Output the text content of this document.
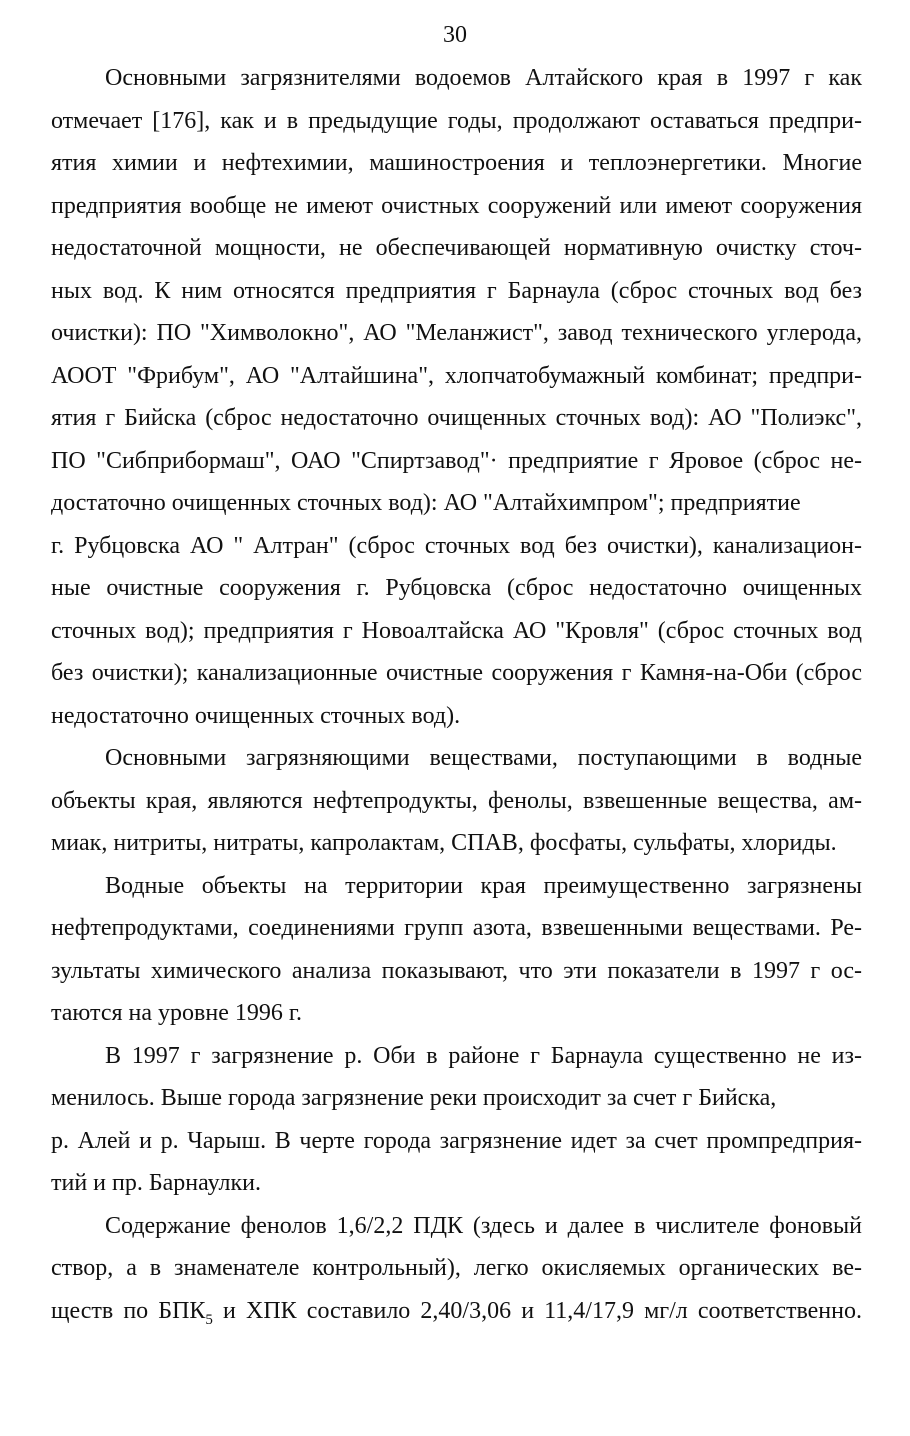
30
Основными загрязнителями водоемов Алтайского края в 1997 г как
отмечает [176], как и в предыдущие годы, продолжают оставаться предпри-
ятия химии и нефтехимии, машиностроения и теплоэнергетики. Многие
предприятия вообще не имеют очистных сооружений или имеют сооружения
недостаточной мощности, не обеспечивающей нормативную очистку сточ-
ных вод. К ним относятся предприятия г Барнаула (сброс сточных вод без
очистки): ПО "Химволокно", АО "Меланжист", завод технического углерода,
АООТ "Фрибум", АО "Алтайшина", хлопчатобумажный комбинат; предпри-
ятия г Бийска (сброс недостаточно очищенных сточных вод): АО "Полиэкс",
ПО "Сибприбормаш", ОАО "Спиртзавод"· предприятие г Яровое (сброс не-
достаточно очищенных сточных вод): АО "Алтайхимпром"; предприятие
г. Рубцовска АО " Алтран" (сброс сточных вод без очистки), канализацион-
ные очистные сооружения г. Рубцовска (сброс недостаточно очищенных
сточных вод); предприятия г Новоалтайска АО "Кровля" (сброс сточных вод
без очистки); канализационные очистные сооружения г Камня-на-Оби (сброс
недостаточно очищенных сточных вод).
Основными загрязняющими веществами, поступающими в водные
объекты края, являются нефтепродукты, фенолы, взвешенные вещества, ам-
миак, нитриты, нитраты, капролактам, СПАВ, фосфаты, сульфаты, хлориды.
Водные объекты на территории края преимущественно загрязнены
нефтепродуктами, соединениями групп азота, взвешенными веществами. Ре-
зультаты химического анализа показывают, что эти показатели в 1997 г ос-
таются на уровне 1996 г.
В 1997 г загрязнение р. Оби в районе г Барнаула существенно не из-
менилось. Выше города загрязнение реки происходит за счет г Бийска,
р. Алей и р. Чарыш. В черте города загрязнение идет за счет промпредприя-
тий и пр. Барнаулки.
Содержание фенолов 1,6/2,2 ПДК (здесь и далее в числителе фоновый
створ, а в знаменателе контрольный), легко окисляемых органических ве-
ществ по $БПК_5$ и ХПК составило 2,40/3,06 и 11,4/17,9 мг/л соответственно.
